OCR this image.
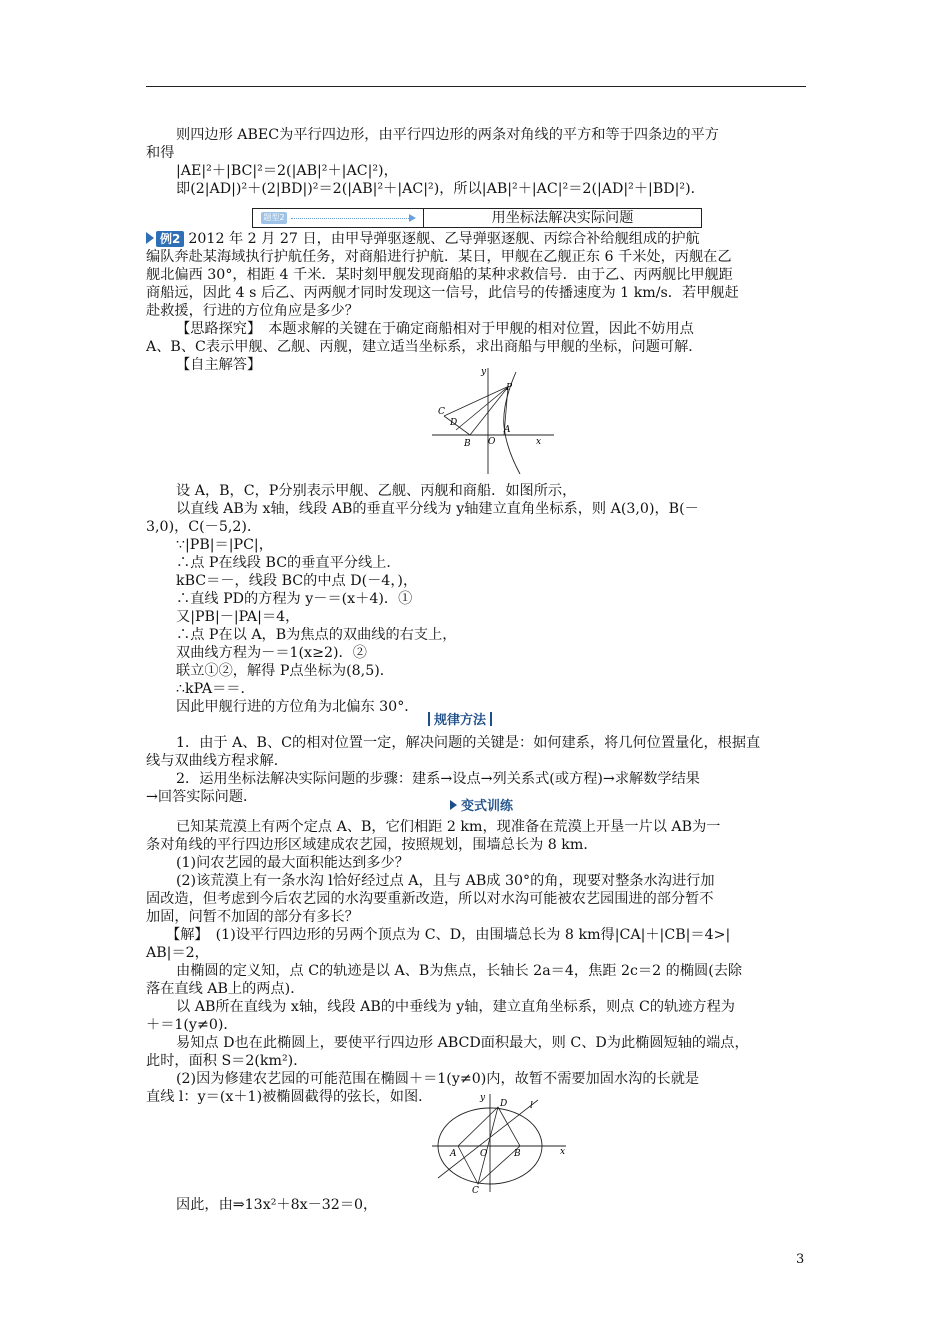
则四边形 ABEC为平行四边形，由平行四边形的两条对角线的平方和等于四条边的平方
和得
|AE|²＋|BC|²＝2(|AB|²＋|AC|²)，
即(2|AD|)²＋(2|BD|)²＝2(|AB|²＋|AC|²)，所以|AB|²＋|AC|²＝2(|AD|²＋|BD|²)．
题型2	用坐标法解决实际问题
例2 2012 年 2 月 27 日，由甲导弹驱逐舰、乙导弹驱逐舰、丙综合补给舰组成的护航
编队奔赴某海域执行护航任务，对商船进行护航．某日，甲舰在乙舰正东 6 千米处，丙舰在乙
舰北偏西 30°，相距 4 千米．某时刻甲舰发现商船的某种求救信号．由于乙、丙两舰比甲舰距
商船远，因此 4 s 后乙、丙两舰才同时发现这一信号，此信号的传播速度为 1 km/s．若甲舰赶
赴救援，行进的方位角应是多少？
【思路探究】　本题求解的关键在于确定商船相对于甲舰的相对位置，因此不妨用点
A、B、C表示甲舰、乙舰、丙舰，建立适当坐标系，求出商船与甲舰的坐标，问题可解．
【自主解答】	y
x
P
C
D
B O
A
设 A，B，C，P分别表示甲舰、乙舰、丙舰和商船．如图所示，
以直线 AB为 x轴，线段 AB的垂直平分线为 y轴建立直角坐标系，则 A(3,0)，B(－
3,0)，C(－5,2)．
∵|PB|＝|PC|，
∴点 P在线段 BC的垂直平分线上．
kBC＝－，线段 BC的中点 D(－4，)，
∴直线 PD的方程为 y－＝(x＋4)．①
又|PB|－|PA|＝4，
∴点 P在以 A，B为焦点的双曲线的右支上，
双曲线方程为－＝1(x≥2)．②
联立①②，解得 P点坐标为(8,5)．
∴kPA＝＝．
因此甲舰行进的方位角为北偏东 30°．
规律方法
1．由于 A、B、C的相对位置一定，解决问题的关键是：如何建系，将几何位置量化，根据直
线与双曲线方程求解．
2．运用坐标法解决实际问题的步骤：建系→设点→列关系式(或方程)→求解数学结果
→回答实际问题．
变式训练
已知某荒漠上有两个定点 A、B，它们相距 2 km，现准备在荒漠上开垦一片以 AB为一
条对角线的平行四边形区域建成农艺园，按照规划，围墙总长为 8 km．
(1)问农艺园的最大面积能达到多少？
(2)该荒漠上有一条水沟 l恰好经过点 A，且与 AB成 30°的角，现要对整条水沟进行加
固改造，但考虑到今后农艺园的水沟要重新改造，所以对水沟可能被农艺园围进的部分暂不
加固，问暂不加固的部分有多长？
【解】　(1)设平行四边形的另两个顶点为 C、D，由围墙总长为 8 km得|CA|＋|CB|＝4>|
AB|＝2，
由椭圆的定义知，点 C的轨迹是以 A、B为焦点，长轴长 2a＝4，焦距 2c＝2 的椭圆(去除
落在直线 AB上的两点)．
以 AB所在直线为 x轴，线段 AB的中垂线为 y轴，建立直角坐标系，则点 C的轨迹方程为
＋＝1(y≠0)．
易知点 D也在此椭圆上，要使平行四边形 ABCD面积最大，则 C、D为此椭圆短轴的端点，
此时，面积 S＝2(km²)．
(2)因为修建农艺园的可能范围在椭圆＋＝1(y≠0)内，故暂不需要加固水沟的长就是
直线 l：y＝(x＋1)被椭圆截得的弦长，如图．	y
D	l
A	O	B	x
C
因此，由⇒13x²＋8x－32＝0，
3
